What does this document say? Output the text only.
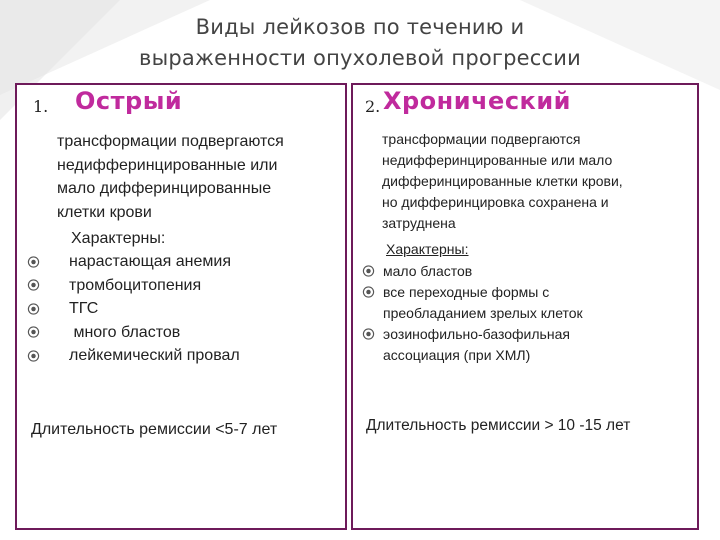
Виды лейкозов по течению и
выраженности опухолевой прогрессии
1. Острый
трансформации подвергаются
недифферинцированные или
мало дифферинцированные
клетки крови
Характерны:
нарастающая анемия
тромбоцитопения
ТГС
много бластов
лейкемический провал
Длительность ремиссии <5-7 лет
2. Хронический
трансформации подвергаются
недифферинцированные или мало
дифферинцированные клетки крови,
но дифферинцировка сохранена и
затруднена
Характерны:
мало бластов
все переходные формы с
преобладанием зрелых клеток
эозинофильно-базофильная
ассоциация (при ХМЛ)
Длительность ремиссии > 10 -15 лет
